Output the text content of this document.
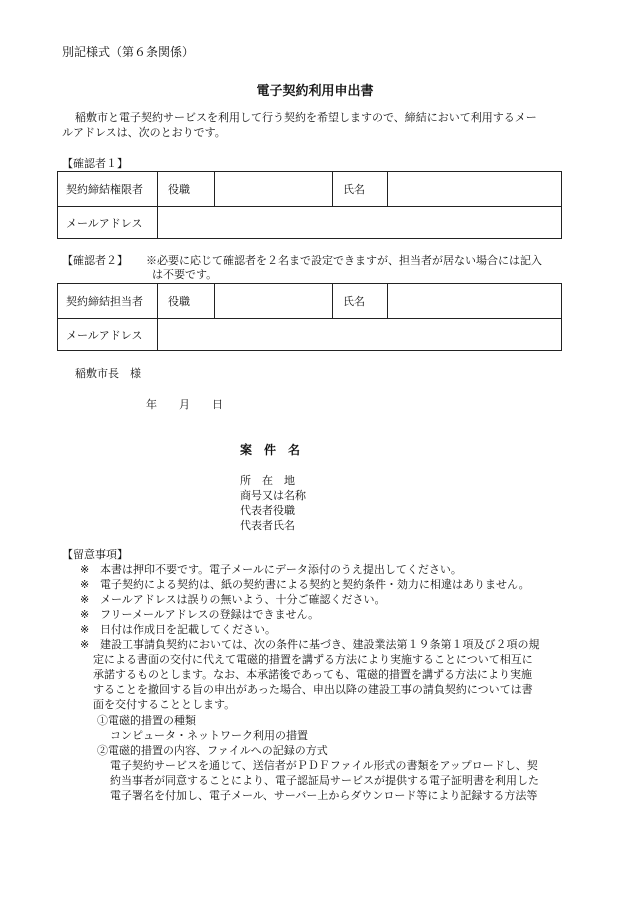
別記様式（第６条関係）
電子契約利用申出書
稲敷市と電子契約サービスを利用して行う契約を希望しますので、締結において利用するメー
ルアドレスは、次のとおりです。
【確認者１】
契約締結権限者	役職		氏名	
メールアドレス				
【確認者２】 ※必要に応じて確認者を２名まで設定できますが、担当者が居ない場合には記入
は不要です。
契約締結担当者	役職		氏名	
メールアドレス				
稲敷市長　様
年　　月　　日
案　件　名
所　在　地
商号又は名称
代表者役職
代表者氏名
【留意事項】
※ 本書は押印不要です。電子メールにデータ添付のうえ提出してください。
※ 電子契約による契約は、紙の契約書による契約と契約条件・効力に相違はありません。
※ メールアドレスは誤りの無いよう、十分ご確認ください。
※ フリーメールアドレスの登録はできません。
※ 日付は作成日を記載してください。
※ 建設工事請負契約においては、次の条件に基づき、建設業法第１９条第１項及び２項の規
定による書面の交付に代えて電磁的措置を講ずる方法により実施することについて相互に
承諾するものとします。なお、本承諾後であっても、電磁的措置を講ずる方法により実施
することを撤回する旨の申出があった場合、申出以降の建設工事の請負契約については書
面を交付することとします。
①電磁的措置の種類
コンピュータ・ネットワーク利用の措置
②電磁的措置の内容、ファイルへの記録の方式
電子契約サービスを通じて、送信者がＰＤＦファイル形式の書類をアップロードし、契
約当事者が同意することにより、電子認証局サービスが提供する電子証明書を利用した
電子署名を付加し、電子メール、サーバー上からダウンロード等により記録する方法等
